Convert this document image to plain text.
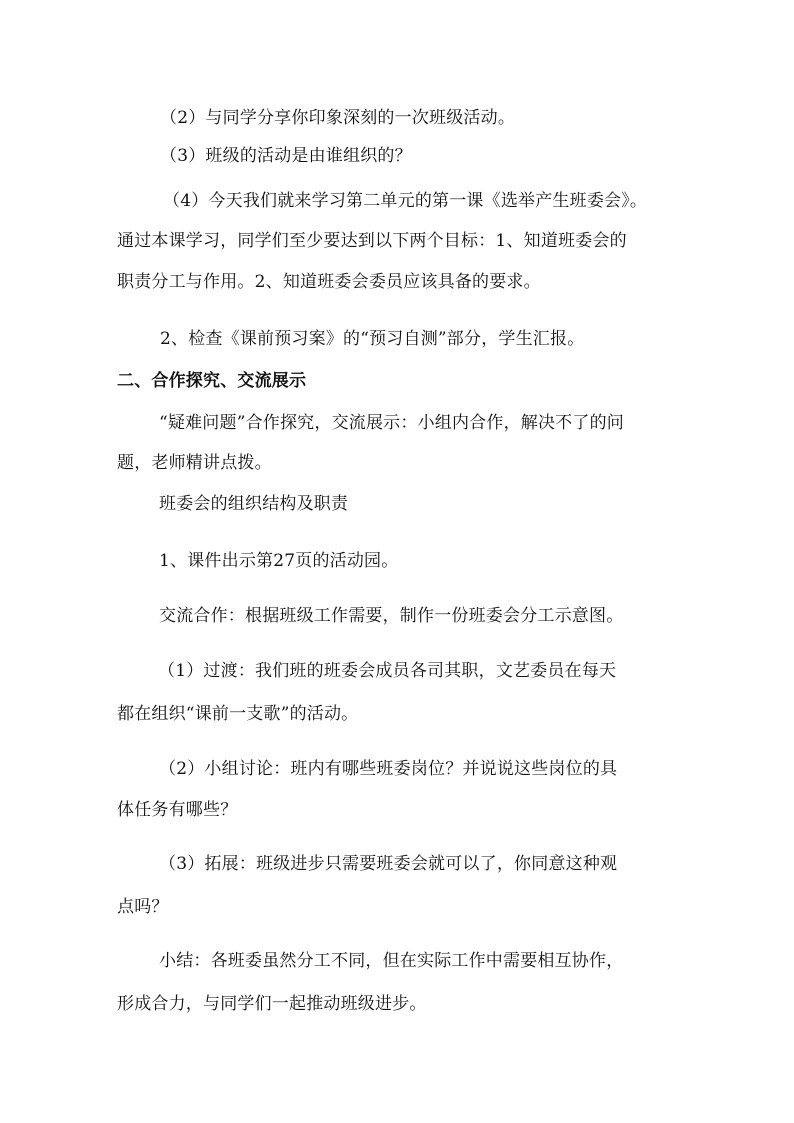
（2）与同学分享你印象深刻的一次班级活动。
（3）班级的活动是由谁组织的？
（4）今天我们就来学习第二单元的第一课《选举产生班委会》。
通过本课学习，同学们至少要达到以下两个目标：1、知道班委会的
职责分工与作用。2、知道班委会委员应该具备的要求。
2、检查《课前预习案》的“预习自测”部分，学生汇报。
二、合作探究、交流展示
“疑难问题”合作探究，交流展示：小组内合作，解决不了的问
题，老师精讲点拨。
班委会的组织结构及职责
1、课件出示第27页的活动园。
交流合作：根据班级工作需要，制作一份班委会分工示意图。
（1）过渡：我们班的班委会成员各司其职，文艺委员在每天
都在组织“课前一支歌”的活动。
（2）小组讨论：班内有哪些班委岗位？并说说这些岗位的具
体任务有哪些？
（3）拓展：班级进步只需要班委会就可以了，你同意这种观
点吗？
小结：各班委虽然分工不同，但在实际工作中需要相互协作，
形成合力，与同学们一起推动班级进步。
